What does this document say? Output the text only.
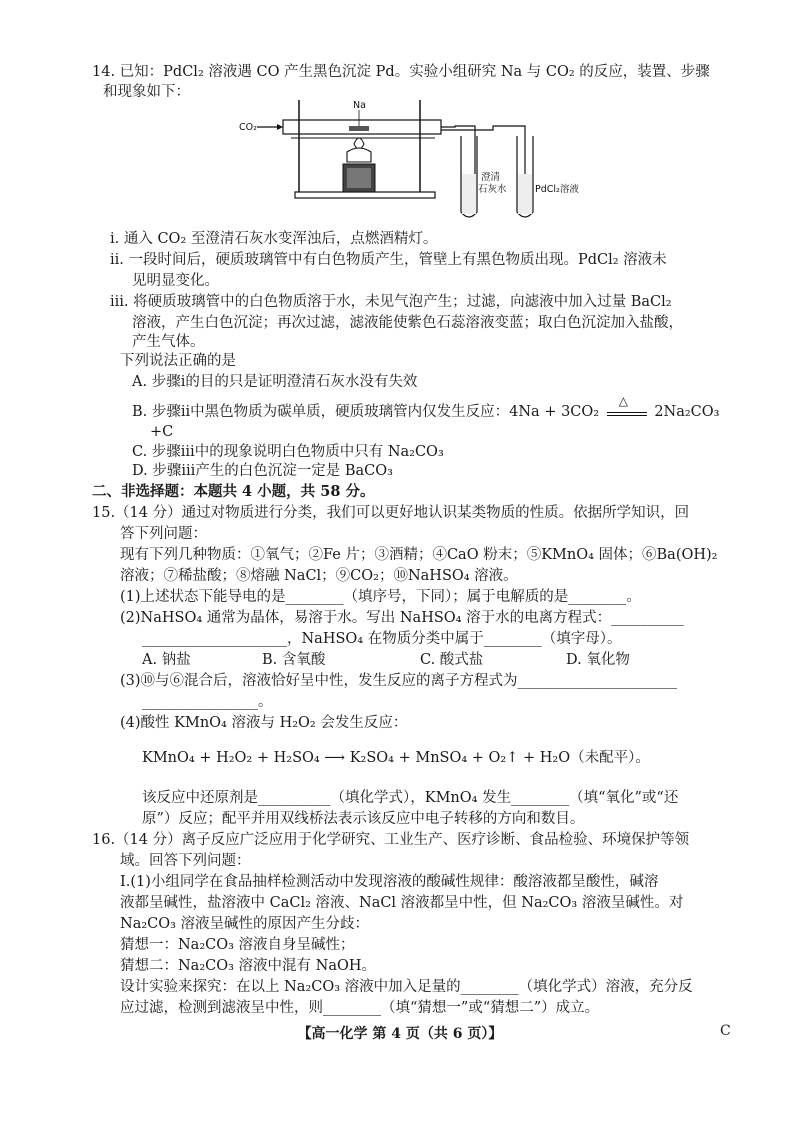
14. 已知：PdCl₂ 溶液遇 CO 产生黑色沉淀 Pd。实验小组研究 Na 与 CO₂ 的反应，装置、步骤
和现象如下：
CO₂
Na
澄清
石灰水	PdCl₂溶液
ⅰ. 通入 CO₂ 至澄清石灰水变浑浊后，点燃酒精灯。
ⅱ. 一段时间后，硬质玻璃管中有白色物质产生，管壁上有黑色物质出现。PdCl₂ 溶液未
见明显变化。
ⅲ. 将硬质玻璃管中的白色物质溶于水，未见气泡产生；过滤，向滤液中加入过量 BaCl₂
溶液，产生白色沉淀；再次过滤，滤液能使紫色石蕊溶液变蓝；取白色沉淀加入盐酸，
产生气体。
下列说法正确的是
A. 步骤ⅰ的目的只是证明澄清石灰水没有失效
B. 步骤ⅱ中黑色物质为碳单质，硬质玻璃管内仅发生反应：4Na + 3CO₂
△
2Na₂CO₃
+C
C. 步骤ⅲ中的现象说明白色物质中只有 Na₂CO₃
D. 步骤ⅲ产生的白色沉淀一定是 BaCO₃
二、非选择题：本题共 4 小题，共 58 分。
15.（14 分）通过对物质进行分类，我们可以更好地认识某类物质的性质。依据所学知识，回
答下列问题：
现有下列几种物质：①氧气；②Fe 片；③酒精；④CaO 粉末；⑤KMnO₄ 固体；⑥Ba(OH)₂
溶液；⑦稀盐酸；⑧熔融 NaCl；⑨CO₂；⑩NaHSO₄ 溶液。
(1)上述状态下能导电的是________（填序号，下同）；属于电解质的是________。
(2)NaHSO₄ 通常为晶体，易溶于水。写出 NaHSO₄ 溶于水的电离方程式：__________
____________________，NaHSO₄ 在物质分类中属于________（填字母）。
A. 钠盐	B. 含氧酸	C. 酸式盐	D. 氧化物
(3)⑩与⑥混合后，溶液恰好呈中性，发生反应的离子方程式为______________________
________________。
(4)酸性 KMnO₄ 溶液与 H₂O₂ 会发生反应：
KMnO₄ + H₂O₂ + H₂SO₄ ⟶ K₂SO₄ + MnSO₄ + O₂↑ + H₂O（未配平）。
该反应中还原剂是__________（填化学式），KMnO₄ 发生________（填“氧化”或“还
原”）反应；配平并用双线桥法表示该反应中电子转移的方向和数目。
16.（14 分）离子反应广泛应用于化学研究、工业生产、医疗诊断、食品检验、环境保护等领
域。回答下列问题：
Ⅰ.(1)小组同学在食品抽样检测活动中发现溶液的酸碱性规律：酸溶液都呈酸性，碱溶
液都呈碱性，盐溶液中 CaCl₂ 溶液、NaCl 溶液都呈中性，但 Na₂CO₃ 溶液呈碱性。对
Na₂CO₃ 溶液呈碱性的原因产生分歧：
猜想一：Na₂CO₃ 溶液自身呈碱性；
猜想二：Na₂CO₃ 溶液中混有 NaOH。
设计实验来探究：在以上 Na₂CO₃ 溶液中加入足量的________（填化学式）溶液，充分反
应过滤，检测到滤液呈中性，则________（填“猜想一”或“猜想二”）成立。
【高一化学 第 4 页（共 6 页）】	C
